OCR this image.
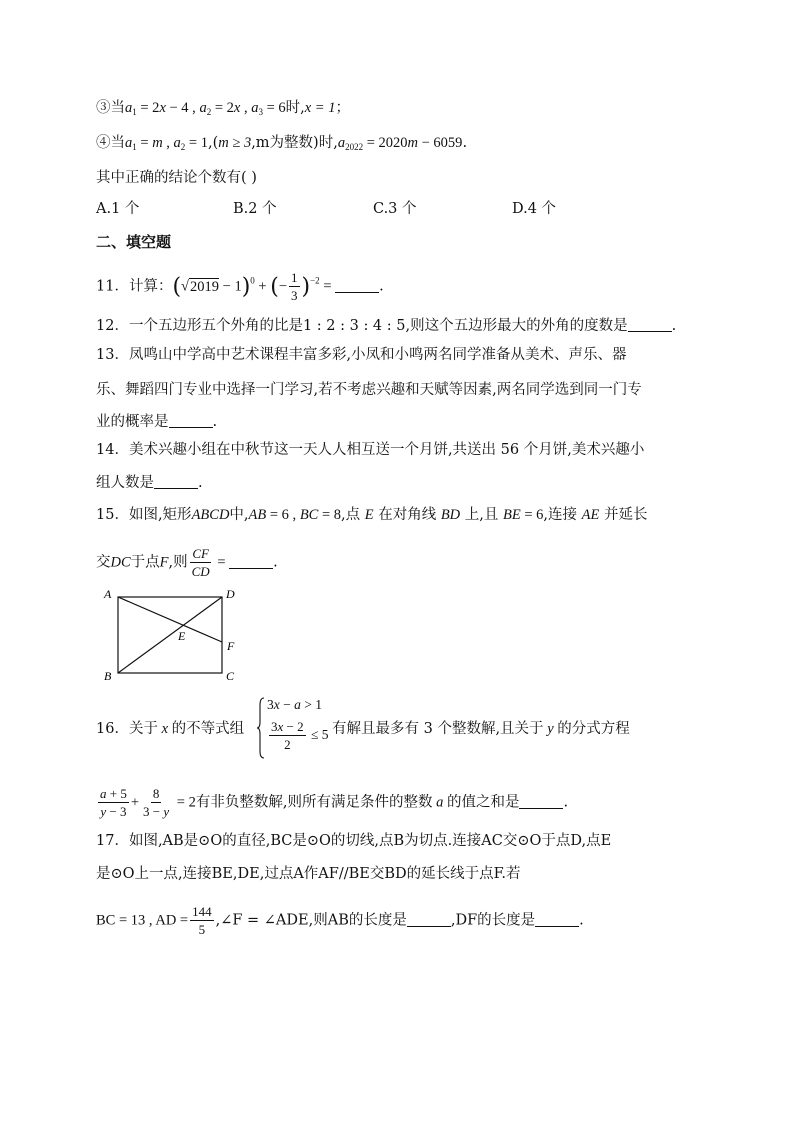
③当$a_1 = 2x - 4$ , $a_2 = 2x$ , $a_3 = 6$时,x = 1；
④当$a_1 = m$ , $a_2 = 1,(m \ge 3,m$为整数)时$,a_{2022} = 2020m - 6059$.
其中正确的结论个数有( )
A.1 个	B.2 个	C.3 个	D.4 个
二、填空题
11．计算：$(√2019 - 1)^0$ + (− $\frac{1}{3} )^{-2}$ =	.
12．一个五边形五个外角的比是1 : 2 : 3 : 4 : 5,则这个五边形最大的外角的度数是	.
13．凤鸣山中学高中艺术课程丰富多彩,小凤和小鸣两名同学准备从美术、声乐、器
乐、舞蹈四门专业中选择一门学习,若不考虑兴趣和天赋等因素,两名同学选到同一门专
业的概率是	.
14．美术兴趣小组在中秋节这一天人人相互送一个月饼,共送出 56 个月饼,美术兴趣小
组人数是	.
15．如图,矩形ABCD中,AB = 6 , BC = 8,点 E 在对角线 BD 上,且 BE = 6,连接 AE 并延长
交DC于点F,则 $\frac{CF}{CD}$ =	.
A	D
E
F
B	C
16．关于 x 的不等式组
3x − a > 1
$\frac{3x - 2}{2} \le 5$ 有解且最多有 3 个整数解,且关于 y 的分式方程
$\frac{a + 5}{y - 3} + \frac{8}{3 - y} = 2$有非负整数解,则所有满足条件的整数 a 的值之和是	.
17．如图,AB是⊙O的直径,BC是⊙O的切线,点B为切点.连接AC交⊙O于点D,点E
是⊙O上一点,连接BE,DE,过点A作AF//BE交BD的延长线于点F.若
BC = 13 , AD = $\frac{144}{5}$ ,∠F = ∠ADE,则AB的长度是	,DF的长度是	.
